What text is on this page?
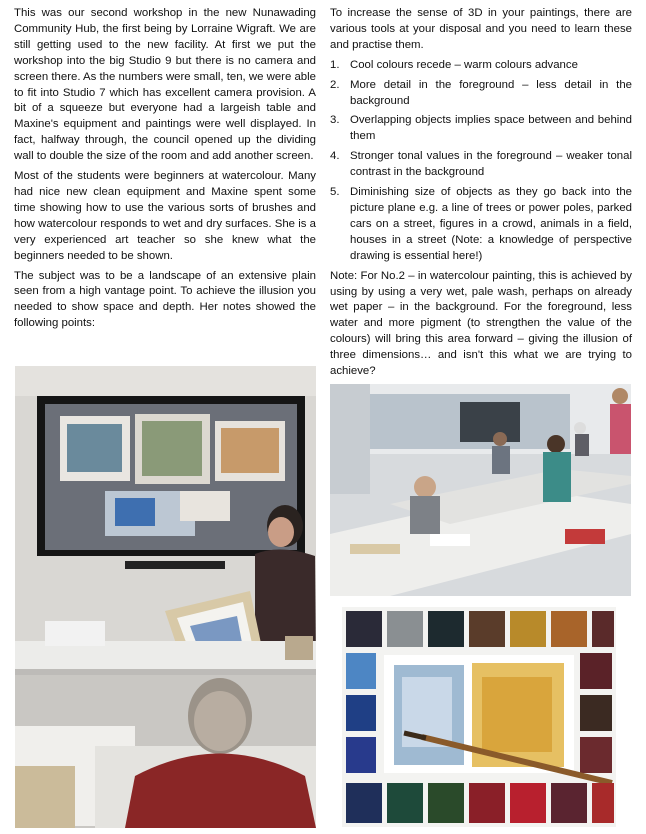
This was our second workshop in the new Nunawading Community Hub, the first being by Lorraine Wigraft. We are still getting used to the new facility. At first we put the workshop into the big Studio 9 but there is no camera and screen there. As the numbers were small, ten, we were able to fit into Studio 7 which has excellent camera provision. A bit of a squeeze but everyone had a largeish table and Maxine's equipment and paintings were well displayed. In fact, halfway through, the council opened up the dividing wall to double the size of the room and add another screen.

Most of the students were beginners at watercolour. Many had nice new clean equipment and Maxine spent some time showing how to use the various sorts of brushes and how watercolour responds to wet and dry surfaces. She is a very experienced art teacher so she knew what the beginners needed to be shown.

The subject was to be a landscape of an extensive plain seen from a high vantage point. To achieve the illusion you needed to show space and depth. Her notes showed the following points:

To increase the sense of 3D in your paintings, there are various tools at your disposal and you need to learn these and practise them.

1. Cool colours recede – warm colours advance
2. More detail in the foreground – less detail in the background
3. Overlapping objects implies space between and behind them
4. Stronger tonal values in the foreground – weaker tonal contrast in the background
5. Diminishing size of objects as they go back into the picture plane e.g. a line of trees or power poles, parked cars on a street, figures in a crowd, animals in a field, houses in a street (Note: a knowledge of perspective drawing is essential here!)

Note: For No.2 – in watercolour painting, this is achieved by using by using a very wet, pale wash, perhaps on already wet paper – in the background. For the foreground, less water and more pigment (to strengthen the value of the colours) will bring this area forward – giving the illusion of three dimensions… and isn't this what we are trying to achieve?
